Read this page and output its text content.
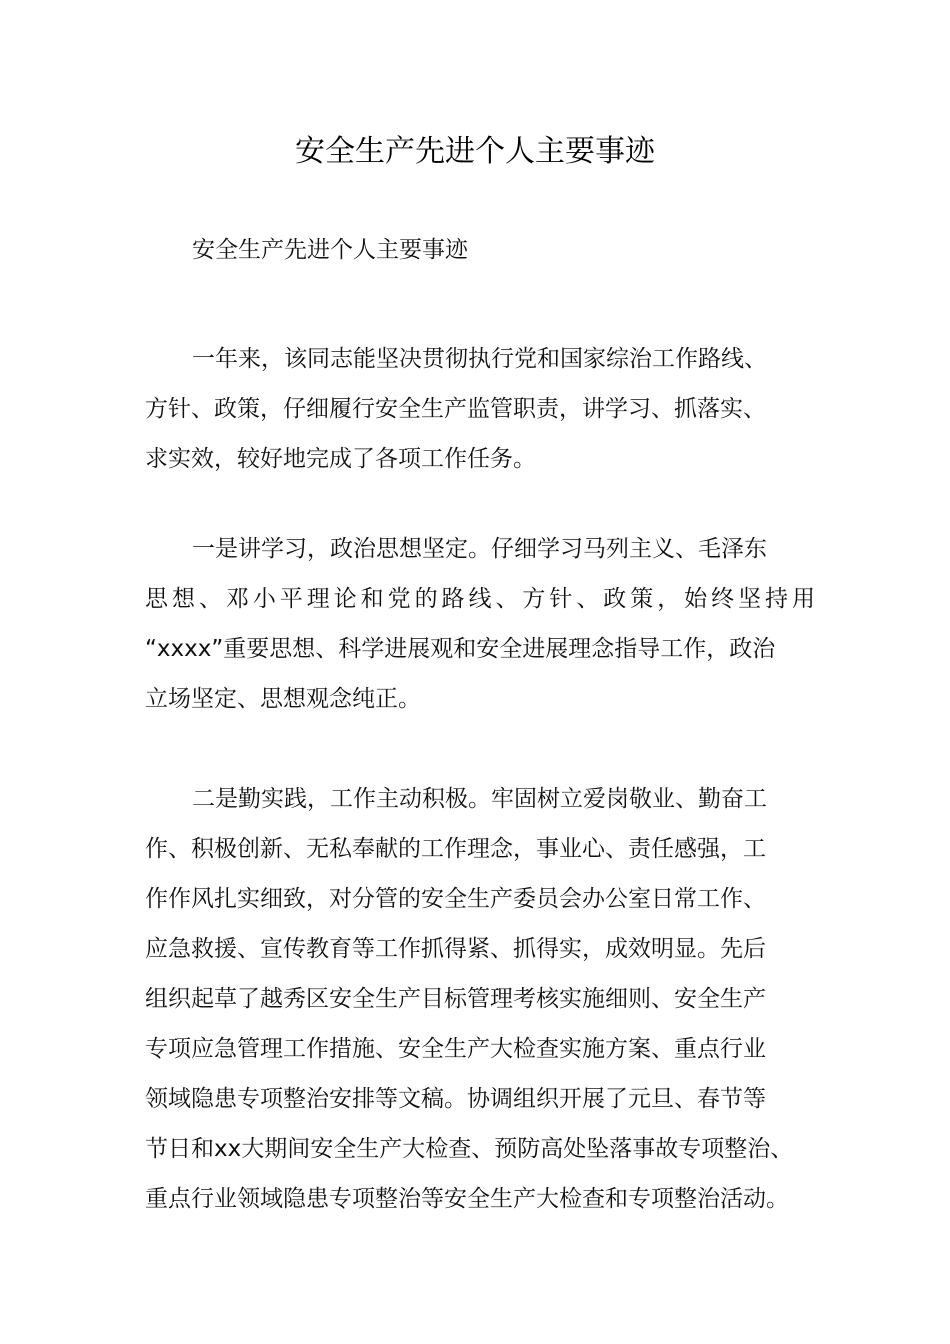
安全生产先进个人主要事迹

安全生产先进个人主要事迹

一年来，该同志能坚决贯彻执行党和国家综治工作路线、
方针、政策，仔细履行安全生产监管职责，讲学习、抓落实、
求实效，较好地完成了各项工作任务。
一是讲学习，政治思想坚定。仔细学习马列主义、毛泽东
思想、邓小平理论和党的路线、方针、政策，始终坚持用
“xxxx”重要思想、科学进展观和安全进展理念指导工作，政治
立场坚定、思想观念纯正。
二是勤实践，工作主动积极。牢固树立爱岗敬业、勤奋工
作、积极创新、无私奉献的工作理念，事业心、责任感强，工
作作风扎实细致，对分管的安全生产委员会办公室日常工作、
应急救援、宣传教育等工作抓得紧、抓得实，成效明显。先后
组织起草了越秀区安全生产目标管理考核实施细则、安全生产
专项应急管理工作措施、安全生产大检查实施方案、重点行业
领域隐患专项整治安排等文稿。协调组织开展了元旦、春节等
节日和xx大期间安全生产大检查、预防高处坠落事故专项整治、
重点行业领域隐患专项整治等安全生产大检查和专项整治活动。
